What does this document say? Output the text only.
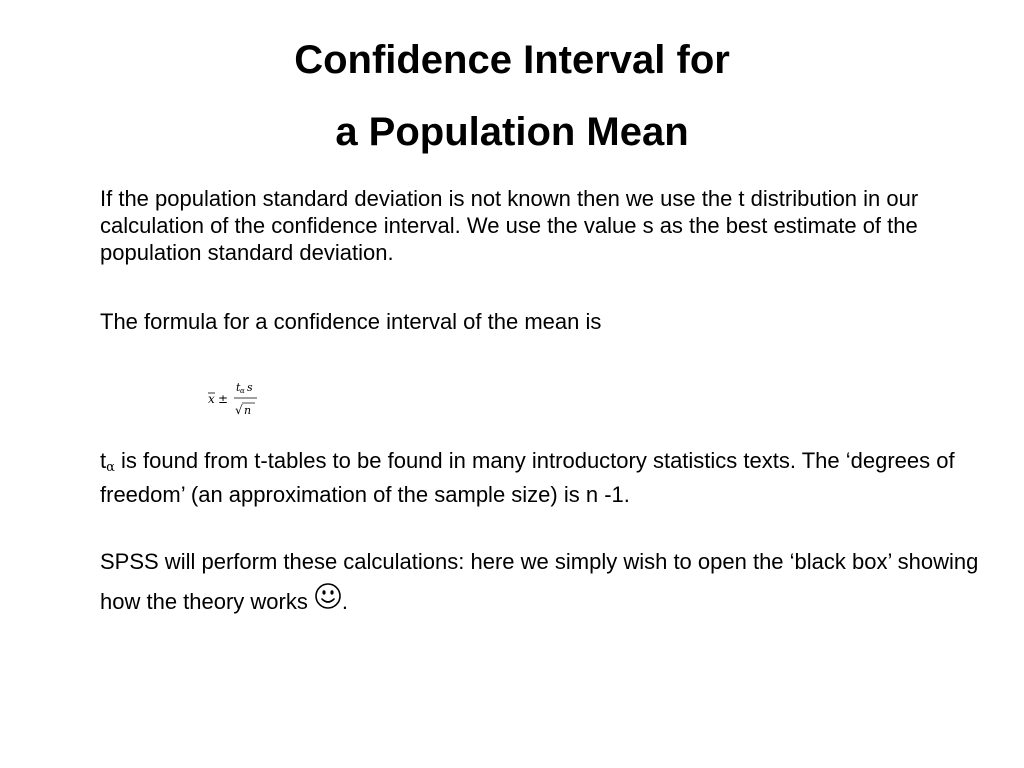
Confidence Interval for
a Population Mean

If the population standard deviation is not known then we use the t distribution in our calculation of the confidence interval. We use the value s as the best estimate of the population standard deviation.

The formula for a confidence interval of the mean is

x ±
t α s
√ n

tα is found from t-tables to be found in many introductory statistics texts. The ‘degrees of freedom’ (an approximation of the sample size) is n -1.

SPSS will perform these calculations: here we simply wish to open the ‘black box’ showing how the theory works .
